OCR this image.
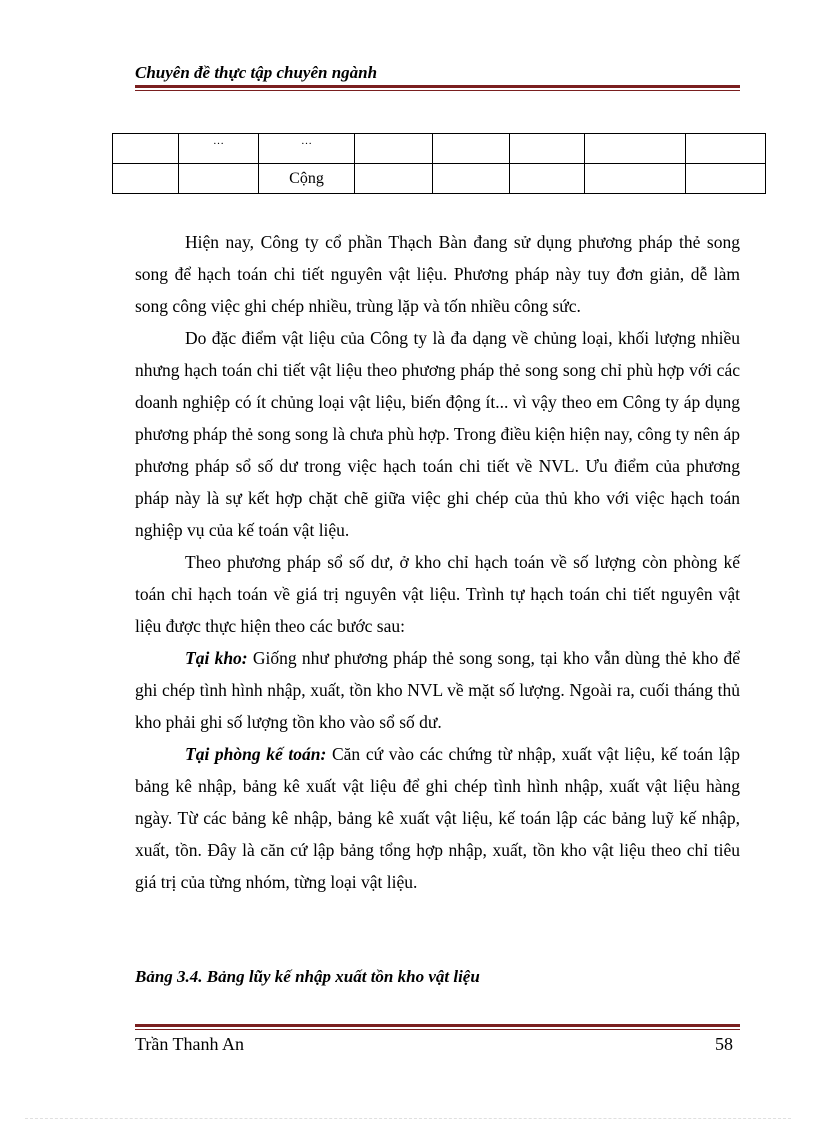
Chuyên đề thực tập chuyên ngành
	…	…					
		Cộng					

Hiện nay, Công ty cổ phần Thạch Bàn đang sử dụng phương pháp thẻ song song để hạch toán chi tiết nguyên vật liệu. Phương pháp này tuy đơn giản, dễ làm song công việc ghi chép nhiều, trùng lặp và tốn nhiều công sức.

Do đặc điểm vật liệu của Công ty là đa dạng về chủng loại, khối lượng nhiều nhưng hạch toán chi tiết vật liệu theo phương pháp thẻ song song chỉ phù hợp với các doanh nghiệp có ít chủng loại vật liệu, biến động ít... vì vậy theo em Công ty áp dụng phương pháp thẻ song song là chưa phù hợp. Trong điều kiện hiện nay, công ty nên áp phương pháp sổ số dư trong việc hạch toán chi tiết về NVL. Ưu điểm của phương pháp này là sự kết hợp chặt chẽ giữa việc ghi chép của thủ kho với việc hạch toán nghiệp vụ của kế toán vật liệu.

Theo phương pháp sổ số dư, ở kho chỉ hạch toán về số lượng còn phòng kế toán chỉ hạch toán về giá trị nguyên vật liệu. Trình tự hạch toán chi tiết nguyên vật liệu được thực hiện theo các bước sau:

Tại kho: Giống như phương pháp thẻ song song, tại kho vẫn dùng thẻ kho để ghi chép tình hình nhập, xuất, tồn kho NVL về mặt số lượng. Ngoài ra, cuối tháng thủ kho phải ghi số lượng tồn kho vào sổ số dư.

Tại phòng kế toán: Căn cứ vào các chứng từ nhập, xuất vật liệu, kế toán lập bảng kê nhập, bảng kê xuất vật liệu để ghi chép tình hình nhập, xuất vật liệu hàng ngày. Từ các bảng kê nhập, bảng kê xuất vật liệu, kế toán lập các bảng luỹ kế nhập, xuất, tồn. Đây là căn cứ lập bảng tổng hợp nhập, xuất, tồn kho vật liệu theo chỉ tiêu giá trị của từng nhóm, từng loại vật liệu.

Bảng 3.4. Bảng lũy kế nhập xuất tồn kho vật liệu

Trần Thanh An	58
